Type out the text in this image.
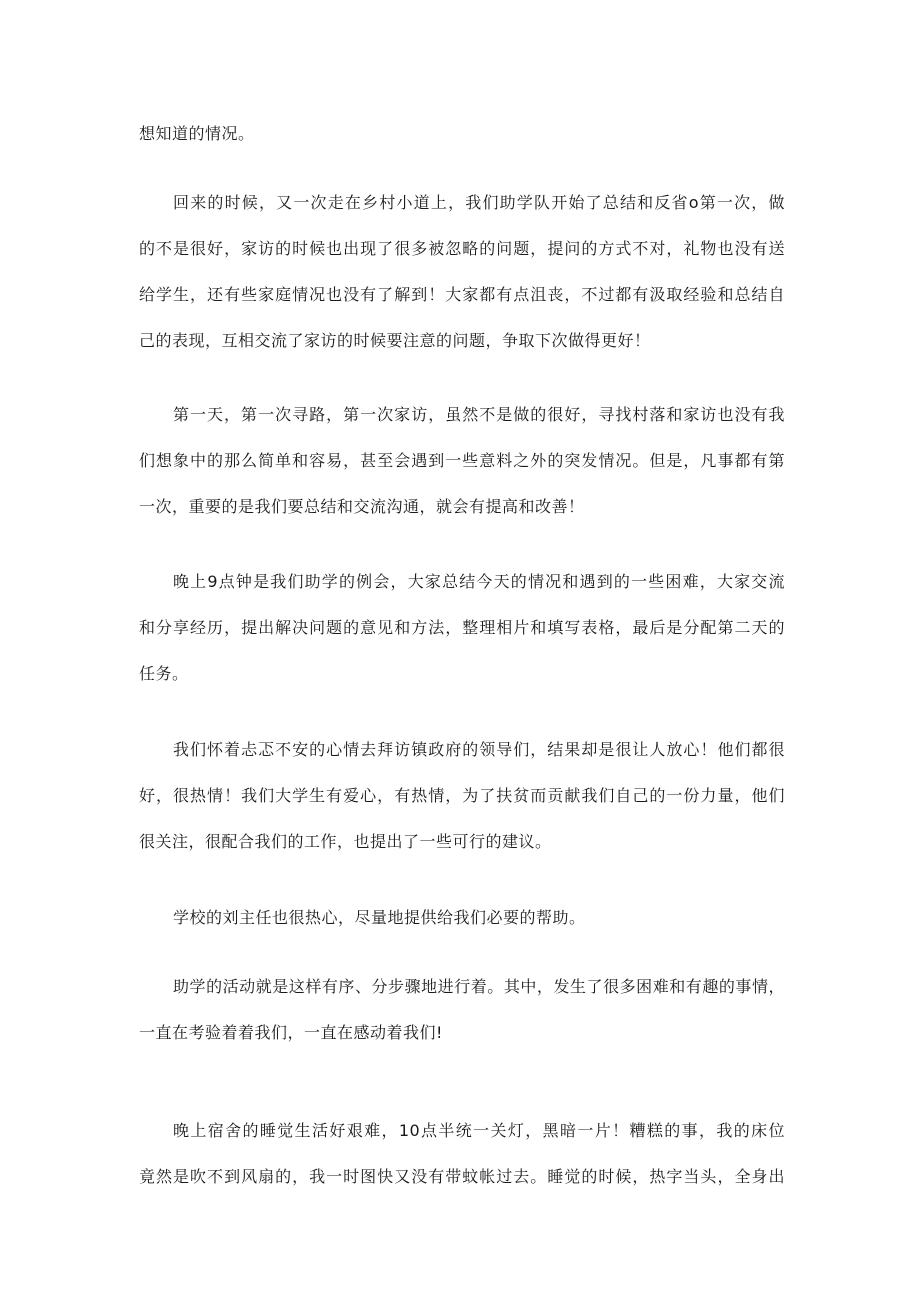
想知道的情况。
回来的时候，又一次走在乡村小道上，我们助学队开始了总结和反省o第一次，做
的不是很好，家访的时候也出现了很多被忽略的问题，提问的方式不对，礼物也没有送
给学生，还有些家庭情况也没有了解到！大家都有点沮丧，不过都有汲取经验和总结自
己的表现，互相交流了家访的时候要注意的问题，争取下次做得更好！
第一天，第一次寻路，第一次家访，虽然不是做的很好，寻找村落和家访也没有我
们想象中的那么简单和容易，甚至会遇到一些意料之外的突发情况。但是，凡事都有第
一次，重要的是我们要总结和交流沟通，就会有提高和改善！
晚上9点钟是我们助学的例会，大家总结今天的情况和遇到的一些困难，大家交流
和分享经历，提出解决问题的意见和方法，整理相片和填写表格，最后是分配第二天的
任务。
我们怀着忐忑不安的心情去拜访镇政府的领导们，结果却是很让人放心！他们都很
好，很热情！我们大学生有爱心，有热情，为了扶贫而贡献我们自己的一份力量，他们
很关注，很配合我们的工作，也提出了一些可行的建议。
学校的刘主任也很热心，尽量地提供给我们必要的帮助。
助学的活动就是这样有序、分步骤地进行着。其中，发生了很多困难和有趣的事情，
一直在考验着着我们，一直在感动着我们!
晚上宿舍的睡觉生活好艰难，10点半统一关灯，黑暗一片！糟糕的事，我的床位
竟然是吹不到风扇的，我一时图快又没有带蚊帐过去。睡觉的时候，热字当头，全身出
